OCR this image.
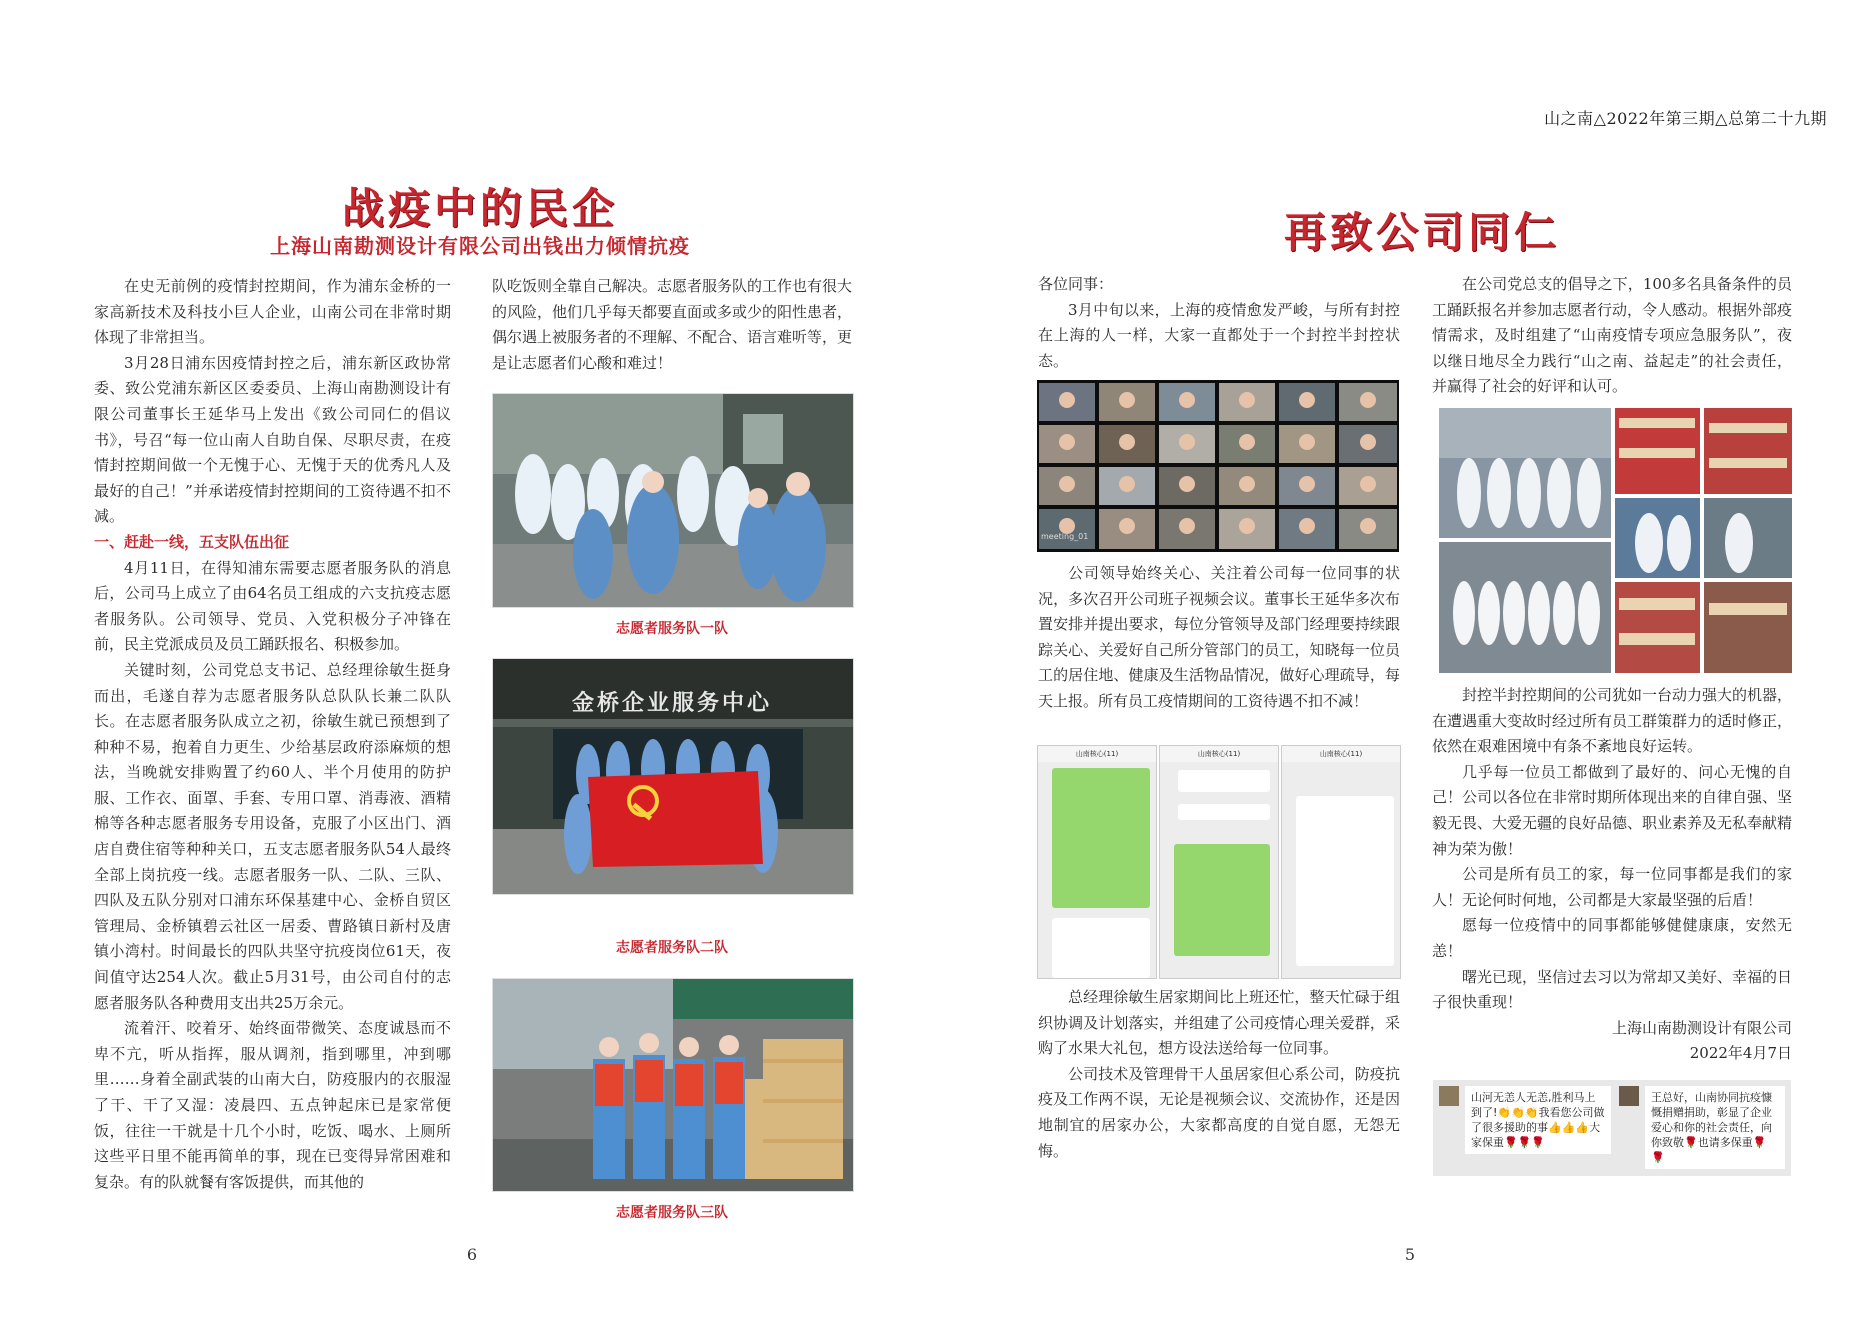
山之南△2022年第三期△总第二十九期
战疫中的民企
上海山南勘测设计有限公司出钱出力倾情抗疫

在史无前例的疫情封控期间，作为浦东金桥的一家高新技术及科技小巨人企业，山南公司在非常时期体现了非常担当。

3月28日浦东因疫情封控之后，浦东新区政协常委、致公党浦东新区区委委员、上海山南勘测设计有限公司董事长王延华马上发出《致公司同仁的倡议书》，号召“每一位山南人自助自保、尽职尽责，在疫情封控期间做一个无愧于心、无愧于天的优秀凡人及最好的自己！”并承诺疫情封控期间的工资待遇不扣不减。

一、赶赴一线，五支队伍出征

4月11日，在得知浦东需要志愿者服务队的消息后，公司马上成立了由64名员工组成的六支抗疫志愿者服务队。公司领导、党员、入党积极分子冲锋在前，民主党派成员及员工踊跃报名、积极参加。

关键时刻，公司党总支书记、总经理徐敏生挺身而出，毛遂自荐为志愿者服务队总队队长兼二队队长。在志愿者服务队成立之初，徐敏生就已预想到了种种不易，抱着自力更生、少给基层政府添麻烦的想法，当晚就安排购置了约60人、半个月使用的防护服、工作衣、面罩、手套、专用口罩、消毒液、酒精棉等各种志愿者服务专用设备，克服了小区出门、酒店自费住宿等种种关口，五支志愿者服务队54人最终全部上岗抗疫一线。志愿者服务一队、二队、三队、四队及五队分别对口浦东环保基建中心、金桥自贸区管理局、金桥镇碧云社区一居委、曹路镇日新村及唐镇小湾村。时间最长的四队共坚守抗疫岗位61天，夜间值守达254人次。截止5月31号，由公司自付的志愿者服务队各种费用支出共25万余元。

流着汗、咬着牙、始终面带微笑、态度诚恳而不卑不亢，听从指挥，服从调剂，指到哪里，冲到哪里……身着全副武装的山南大白，防疫服内的衣服湿了干、干了又湿：凌晨四、五点钟起床已是家常便饭，往往一干就是十几个小时，吃饭、喝水、上厕所这些平日里不能再简单的事，现在已变得异常困难和复杂。有的队就餐有客饭提供，而其他的

队吃饭则全靠自己解决。志愿者服务队的工作也有很大的风险，他们几乎每天都要直面或多或少的阳性患者，偶尔遇上被服务者的不理解、不配合、语言难听等，更是让志愿者们心酸和难过！

志愿者服务队一队
金桥企业服务中心
志愿者服务队二队
志愿者服务队三队
6
再致公司同仁

各位同事：

3月中旬以来，上海的疫情愈发严峻，与所有封控在上海的人一样，大家一直都处于一个封控半封控状态。

meeting_01

公司领导始终关心、关注着公司每一位同事的状况，多次召开公司班子视频会议。董事长王延华多次布置安排并提出要求，每位分管领导及部门经理要持续跟踪关心、关爱好自己所分管部门的员工，知晓每一位员工的居住地、健康及生活物品情况，做好心理疏导，每天上报。所有员工疫情期间的工资待遇不扣不减！

山南核心(11)	山南核心(11)	山南核心(11)

总经理徐敏生居家期间比上班还忙，整天忙碌于组织协调及计划落实，并组建了公司疫情心理关爱群，采购了水果大礼包，想方设法送给每一位同事。

公司技术及管理骨干人虽居家但心系公司，防疫抗疫及工作两不误，无论是视频会议、交流协作，还是因地制宜的居家办公，大家都高度的自觉自愿，无怨无悔。

在公司党总支的倡导之下，100多名具备条件的员工踊跃报名并参加志愿者行动，令人感动。根据外部疫情需求，及时组建了“山南疫情专项应急服务队”，夜以继日地尽全力践行“山之南、益起走”的社会责任，并赢得了社会的好评和认可。

封控半封控期间的公司犹如一台动力强大的机器，在遭遇重大变故时经过所有员工群策群力的适时修正，依然在艰难困境中有条不紊地良好运转。

几乎每一位员工都做到了最好的、问心无愧的自己！公司以各位在非常时期所体现出来的自律自强、坚毅无畏、大爱无疆的良好品德、职业素养及无私奉献精神为荣为傲！

公司是所有员工的家，每一位同事都是我们的家人！无论何时何地，公司都是大家最坚强的后盾！

愿每一位疫情中的同事都能够健健康康，安然无恙！

曙光已现，坚信过去习以为常却又美好、幸福的日子很快重现！

上海山南勘测设计有限公司

2022年4月7日

山河无恙人无恙,胜利马上到了!👏👏👏我看您公司做了很多援助的事👍👍👍大家保重🌹🌹🌹
王总好，山南协同抗疫慷慨捐赠捐助，彰显了企业爱心和你的社会责任，向你致敬🌹也请多保重🌹🌹
5
